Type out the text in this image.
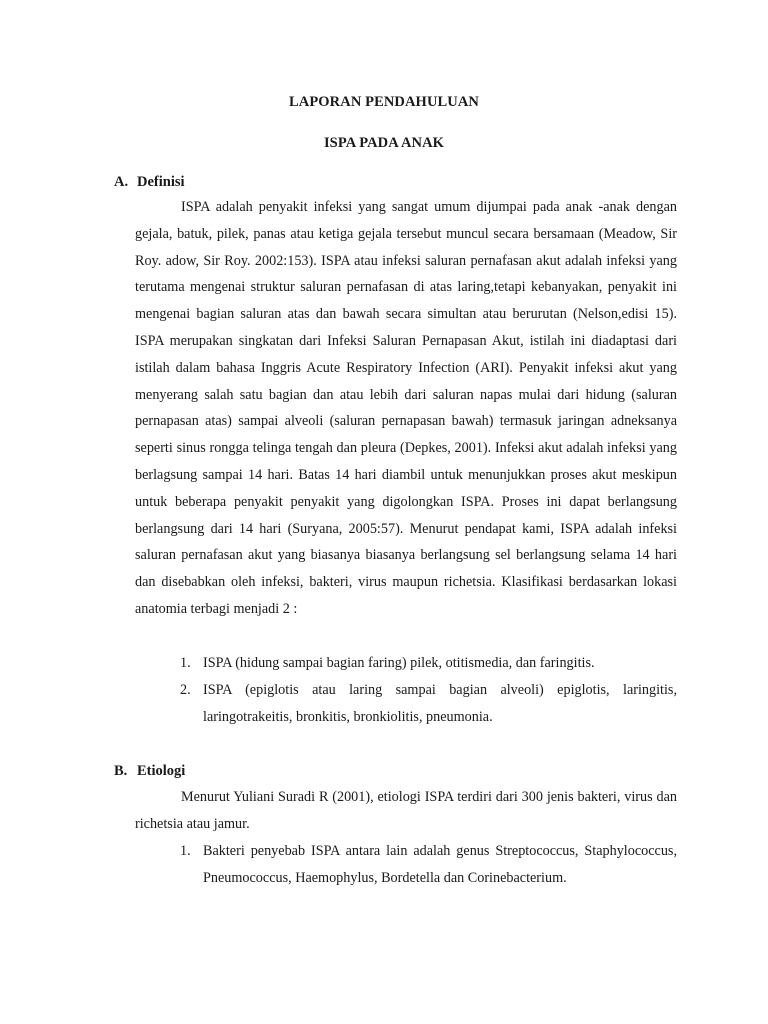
LAPORAN PENDAHULUAN
ISPA PADA ANAK
A. Definisi

ISPA adalah penyakit infeksi yang sangat umum dijumpai pada anak -anak dengan gejala, batuk, pilek, panas atau ketiga gejala tersebut muncul secara bersamaan (Meadow, Sir Roy. adow, Sir Roy. 2002:153). ISPA atau infeksi saluran pernafasan akut adalah infeksi yang terutama mengenai struktur saluran pernafasan di atas laring,tetapi kebanyakan, penyakit ini mengenai bagian saluran atas dan bawah secara simultan atau berurutan (Nelson,edisi 15). ISPA merupakan singkatan dari Infeksi Saluran Pernapasan Akut, istilah ini diadaptasi dari istilah dalam bahasa Inggris Acute Respiratory Infection (ARI). Penyakit infeksi akut yang menyerang salah satu bagian dan atau lebih dari saluran napas mulai dari hidung (saluran pernapasan atas) sampai alveoli (saluran pernapasan bawah) termasuk jaringan adneksanya seperti sinus rongga telinga tengah dan pleura (Depkes, 2001). Infeksi akut adalah infeksi yang berlagsung sampai 14 hari. Batas 14 hari diambil untuk menunjukkan proses akut meskipun untuk beberapa penyakit penyakit yang digolongkan ISPA. Proses ini dapat berlangsung berlangsung dari 14 hari (Suryana, 2005:57). Menurut pendapat kami, ISPA adalah infeksi saluran pernafasan akut yang biasanya biasanya berlangsung sel berlangsung selama 14 hari dan disebabkan oleh infeksi, bakteri, virus maupun richetsia. Klasifikasi berdasarkan lokasi anatomia terbagi menjadi 2 :

1. ISPA (hidung sampai bagian faring) pilek, otitismedia, dan faringitis.
2. ISPA (epiglotis atau laring sampai bagian alveoli) epiglotis, laringitis, laringotrakeitis, bronkitis, bronkiolitis, pneumonia.
B. Etiologi

Menurut Yuliani Suradi R (2001), etiologi ISPA terdiri dari 300 jenis bakteri, virus dan richetsia atau jamur.

1. Bakteri penyebab ISPA antara lain adalah genus Streptococcus, Staphylococcus, Pneumococcus, Haemophylus, Bordetella dan Corinebacterium.
